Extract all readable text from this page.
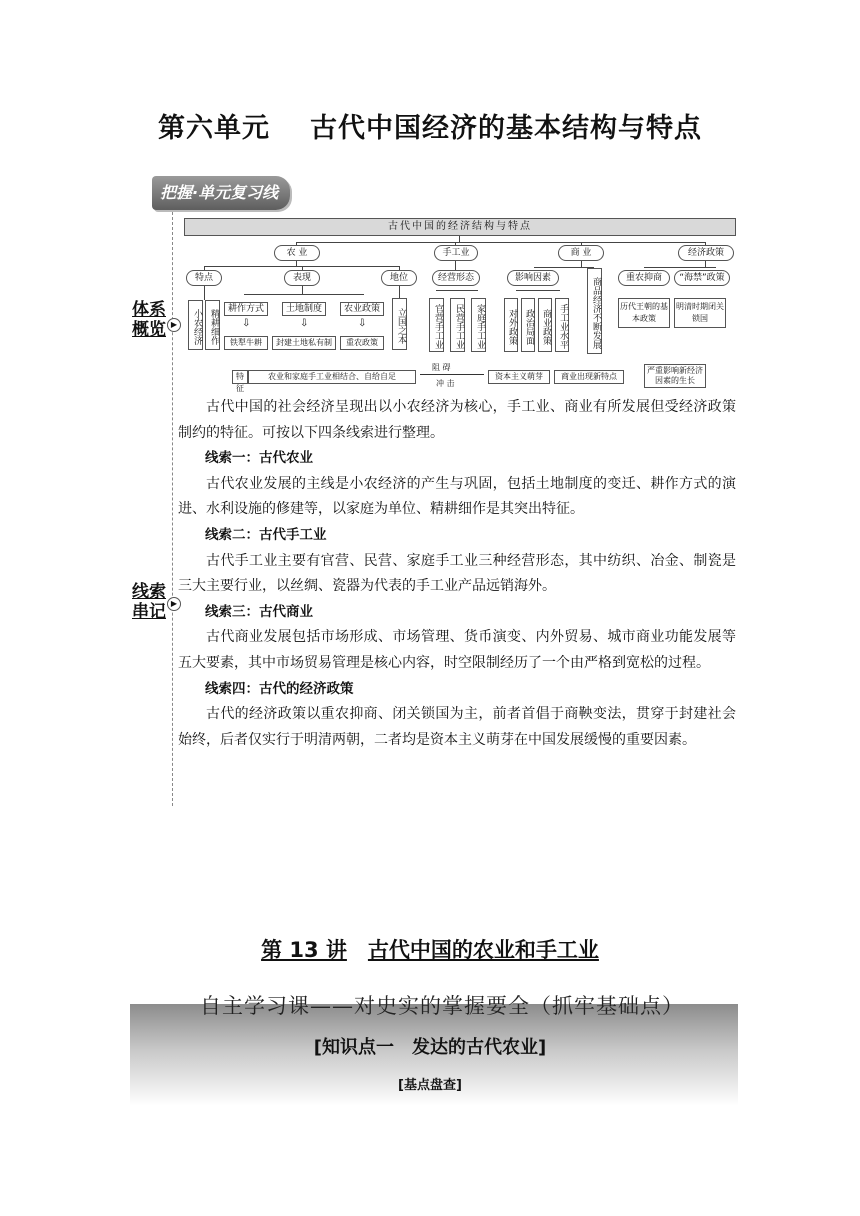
第六单元 古代中国经济的基本结构与特点
把握·单元复习线索
体系概览 ▶
线索串记 ▶
古代中国的经济结构与特点
农 业	手工业	商 业	经济政策
特点	表现	地位
小农经济 精耕细作 耕作方式	土地制度	农业政策
⇩	⇩	⇩
铁犁牛耕	封建土地私有制	重农政策	立国之本
经营形态
官营手工业	民营手工业	家庭手工业
影响因素
对外政策 政治局面 商业政策 手工业水平	商品经济不断发展	重农抑商	“海禁”政策
历代王朝的基本政策
明清时期闭关锁国
严重影响新经济因素的生长
特征
农业和家庭手工业相结合、自给自足
阻 碍
冲 击
资本主义萌芽	商业出现新特点

古代中国的社会经济呈现出以小农经济为核心，手工业、商业有所发展但受经济政策制约的特征。可按以下四条线索进行整理。

线索一：古代农业

古代农业发展的主线是小农经济的产生与巩固，包括土地制度的变迁、耕作方式的演进、水利设施的修建等，以家庭为单位、精耕细作是其突出特征。

线索二：古代手工业

古代手工业主要有官营、民营、家庭手工业三种经营形态，其中纺织、冶金、制瓷是三大主要行业，以丝绸、瓷器为代表的手工业产品远销海外。

线索三：古代商业

古代商业发展包括市场形成、市场管理、货币演变、内外贸易、城市商业功能发展等五大要素，其中市场贸易管理是核心内容，时空限制经历了一个由严格到宽松的过程。

线索四：古代的经济政策

古代的经济政策以重农抑商、闭关锁国为主，前者首倡于商鞅变法，贯穿于封建社会始终，后者仅实行于明清两朝，二者均是资本主义萌芽在中国发展缓慢的重要因素。

第 13 讲　 古代中国的农业和手工业
自主学习课——对史实的掌握要全（抓牢基础点）
[知识点一　发达的古代农业]
[基点盘查]
